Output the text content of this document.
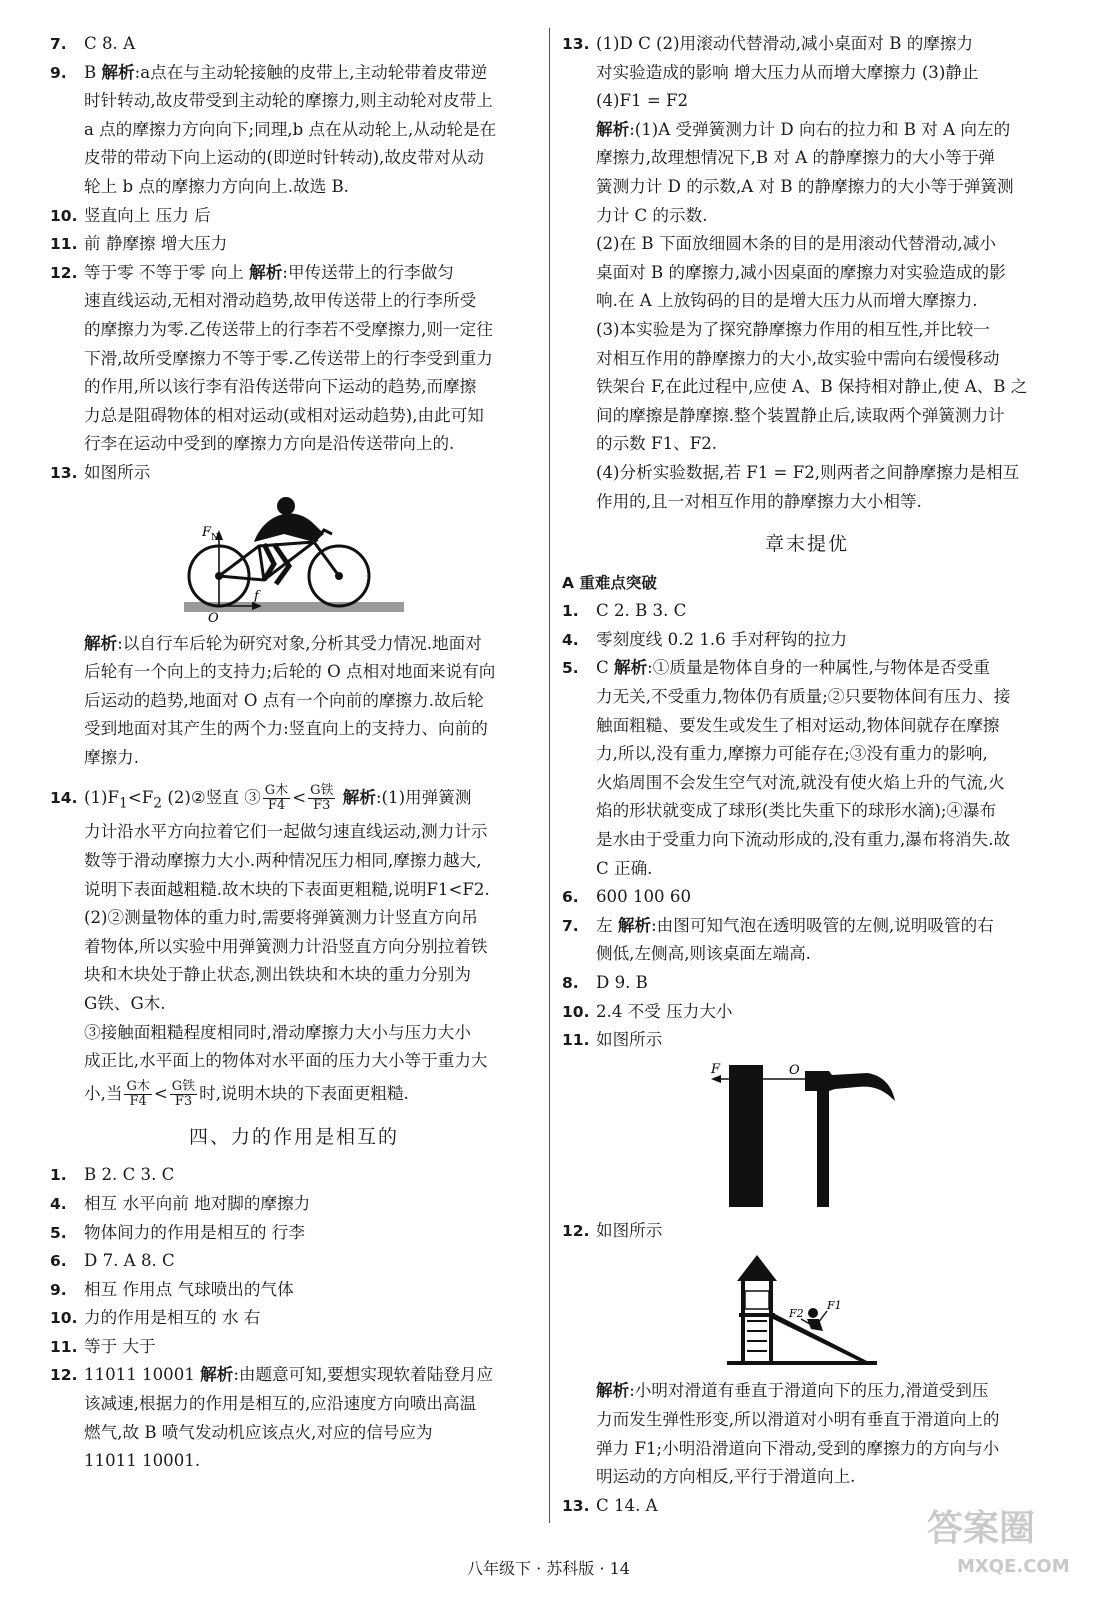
7. C 8. A

9. B 解析:a点在与主动轮接触的皮带上,主动轮带着皮带逆
时针转动,故皮带受到主动轮的摩擦力,则主动轮对皮带上
a 点的摩擦力方向向下;同理,b 点在从动轮上,从动轮是在
皮带的带动下向上运动的(即逆时针转动),故皮带对从动
轮上 b 点的摩擦力方向向上.故选 B.

10. 竖直向上 压力 后

11. 前 静摩擦 增大压力

12. 等于零 不等于零 向上 解析:甲传送带上的行李做匀
速直线运动,无相对滑动趋势,故甲传送带上的行李所受
的摩擦力为零.乙传送带上的行李若不受摩擦力,则一定往
下滑,故所受摩擦力不等于零.乙传送带上的行李受到重力
的作用,所以该行李有沿传送带向下运动的趋势,而摩擦
力总是阻碍物体的相对运动(或相对运动趋势),由此可知
行李在运动中受到的摩擦力方向是沿传送带向上的.

13. 如图所示

F N
O
f
解析:以自行车后轮为研究对象,分析其受力情况.地面对
后轮有一个向上的支持力;后轮的 O 点相对地面来说有向
后运动的趋势,地面对 O 点有一个向前的摩擦力.故后轮
受到地面对其产生的两个力:竖直向上的支持力、向前的
摩擦力.
14. $(1)F_1<F_2$ (2)②竖直 ③ $\frac{\text{G木}}{F4} < \frac{\text{G铁}}{F3}$ 解析:(1)用弹簧测
力计沿水平方向拉着它们一起做匀速直线运动,测力计示
数等于滑动摩擦力大小.两种情况压力相同,摩擦力越大,
说明下表面越粗糙.故木块的下表面更粗糙,说明F1<F2.
(2)②测量物体的重力时,需要将弹簧测力计竖直方向吊
着物体,所以实验中用弹簧测力计沿竖直方向分别拉着铁
块和木块处于静止状态,测出铁块和木块的重力分别为
G铁、G木.
③接触面粗糙程度相同时,滑动摩擦力大小与压力大小
成正比,水平面上的物体对水平面的压力大小等于重力大
小,当 $\frac{\text{G木}}{F4} < \frac{\text{G铁}}{F3}$ 时,说明木块的下表面更粗糙.
四、力的作用是相互的

1. B 2. C 3. C

4. 相互 水平向前 地对脚的摩擦力

5. 物体间力的作用是相互的 行李

6. D 7. A 8. C

9. 相互 作用点 气球喷出的气体

10. 力的作用是相互的 水 右

11. 等于 大于

12. 11011 10001 解析:由题意可知,要想实现软着陆登月应
该减速,根据力的作用是相互的,应沿速度方向喷出高温
燃气,故 B 喷气发动机应该点火,对应的信号应为
11011 10001.
13. (1)D C (2)用滚动代替滑动,减小桌面对 B 的摩擦力
对实验造成的影响 增大压力从而增大摩擦力 (3)静止
(4)F1 = F2
解析:(1)A 受弹簧测力计 D 向右的拉力和 B 对 A 向左的
摩擦力,故理想情况下,B 对 A 的静摩擦力的大小等于弹
簧测力计 D 的示数,A 对 B 的静摩擦力的大小等于弹簧测
力计 C 的示数.
(2)在 B 下面放细圆木条的目的是用滚动代替滑动,减小
桌面对 B 的摩擦力,减小因桌面的摩擦力对实验造成的影
响.在 A 上放钩码的目的是增大压力从而增大摩擦力.
(3)本实验是为了探究静摩擦力作用的相互性,并比较一
对相互作用的静摩擦力的大小,故实验中需向右缓慢移动
铁架台 F,在此过程中,应使 A、B 保持相对静止,使 A、B 之
间的摩擦是静摩擦.整个装置静止后,读取两个弹簧测力计
的示数 F1、F2.
(4)分析实验数据,若 F1 = F2,则两者之间静摩擦力是相互
作用的,且一对相互作用的静摩擦力大小相等.
章末提优

A 重难点突破

1. C 2. B 3. C

4. 零刻度线 0.2 1.6 手对秤钩的拉力

5. C 解析:①质量是物体自身的一种属性,与物体是否受重
力无关,不受重力,物体仍有质量;②只要物体间有压力、接
触面粗糙、要发生或发生了相对运动,物体间就存在摩擦
力,所以,没有重力,摩擦力可能存在;③没有重力的影响,
火焰周围不会发生空气对流,就没有使火焰上升的气流,火
焰的形状就变成了球形(类比失重下的球形水滴);④瀑布
是水由于受重力向下流动形成的,没有重力,瀑布将消失.故
C 正确.

6. 600 100 60

7. 左 解析:由图可知气泡在透明吸管的左侧,说明吸管的右
侧低,左侧高,则该桌面左端高.

8. D 9. B

10. 2.4 不受 压力大小

11. 如图所示

F	O

12. 如图所示

F1
F2
解析:小明对滑道有垂直于滑道向下的压力,滑道受到压
力而发生弹性形变,所以滑道对小明有垂直于滑道向上的
弹力 F1;小明沿滑道向下滑动,受到的摩擦力的方向与小
明运动的方向相反,平行于滑道向上.

13. C 14. A

八年级下 · 苏科版 · 14
答案圈
MXQE.COM
